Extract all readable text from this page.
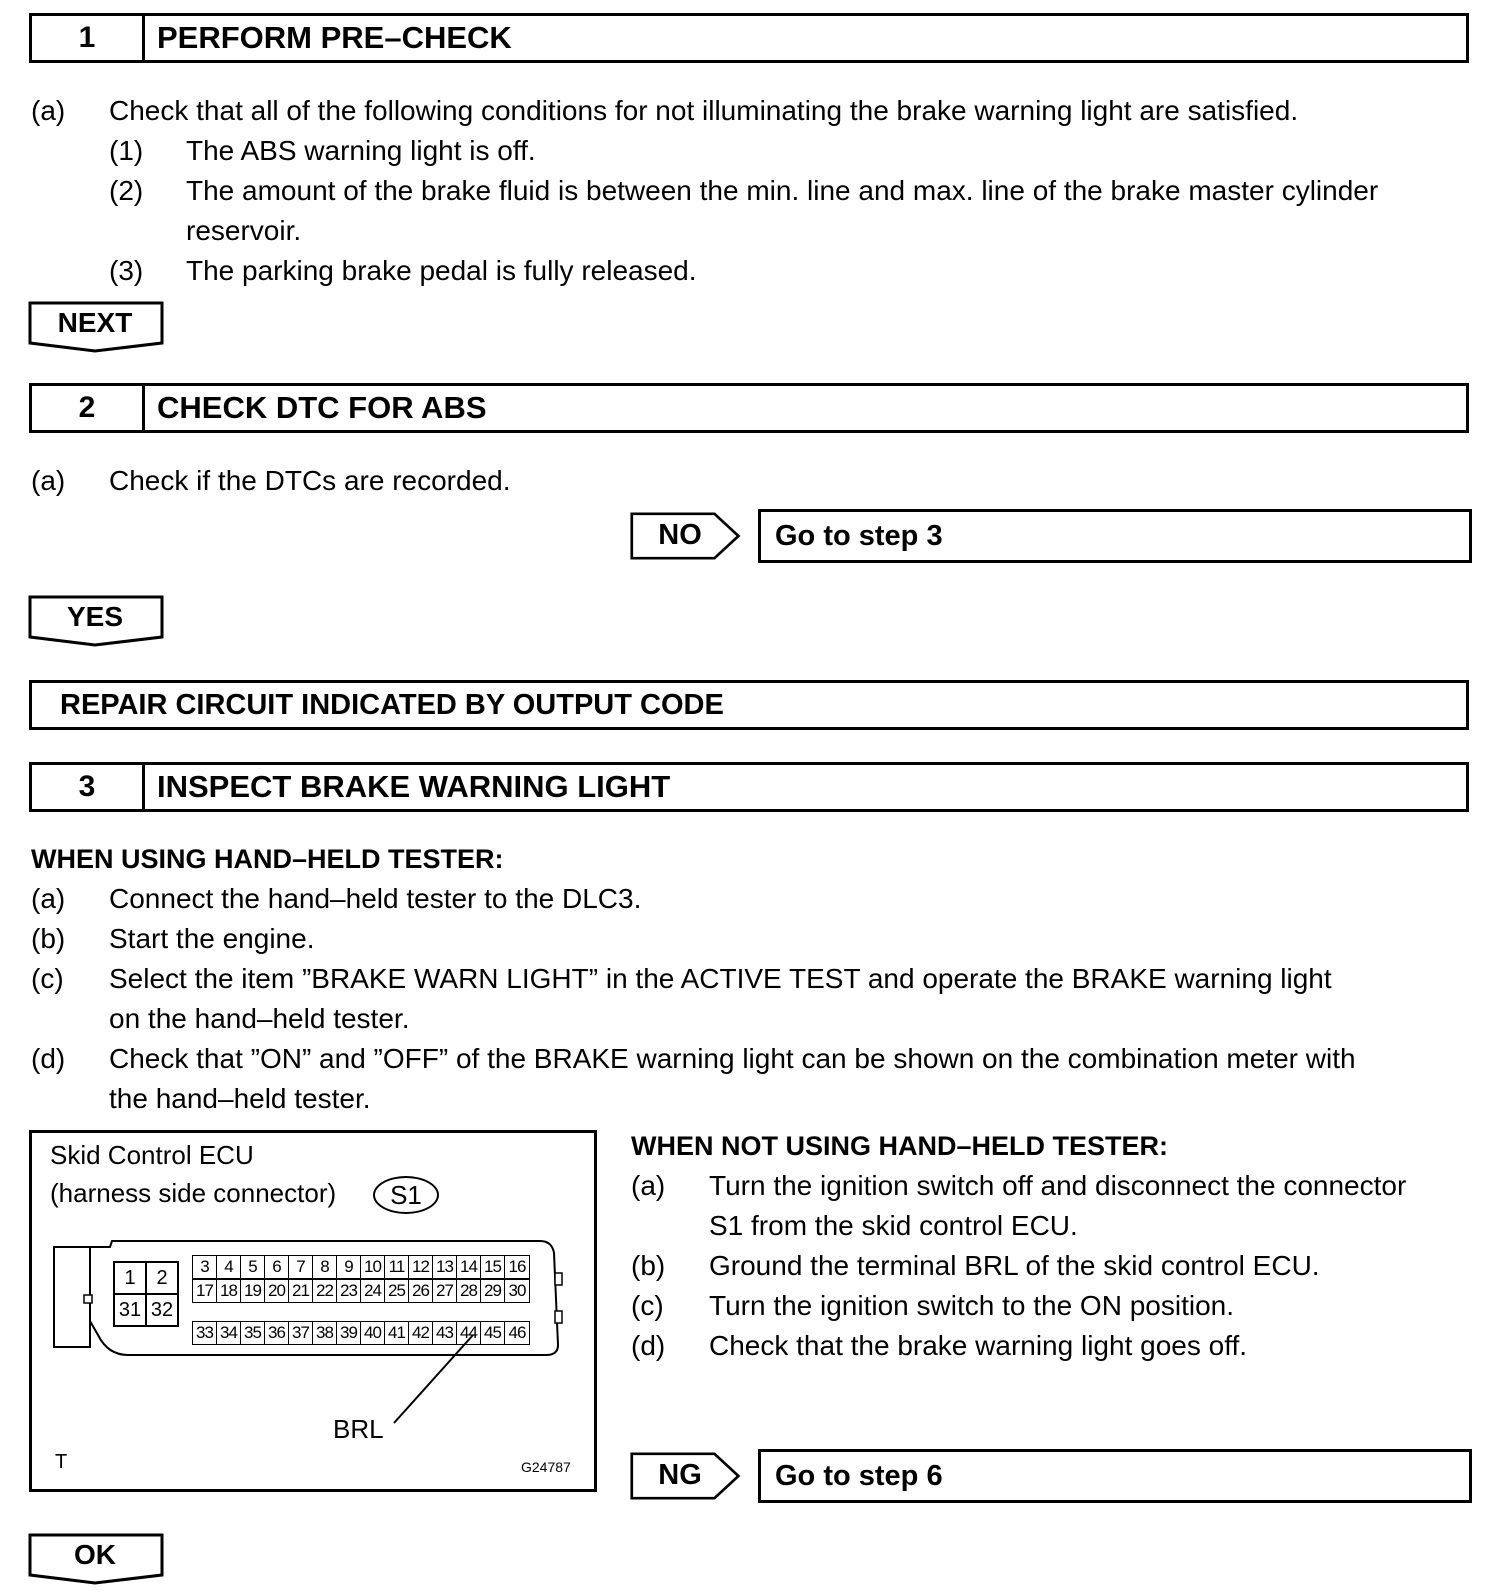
1	PERFORM PRE–CHECK
(a) Check that all of the following conditions for not illuminating the brake warning light are satisfied.
(1) The ABS warning light is off.
(2) The amount of the brake fluid is between the min. line and max. line of the brake master cylinder
reservoir.
(3) The parking brake pedal is fully released.
NEXT
2	CHECK DTC FOR ABS
(a) Check if the DTCs are recorded.
NO	Go to step 3
YES
REPAIR CIRCUIT INDICATED BY OUTPUT CODE
3	INSPECT BRAKE WARNING LIGHT
WHEN USING HAND–HELD TESTER:
(a) Connect the hand–held tester to the DLC3.
(b) Start the engine.
(c) Select the item ”BRAKE WARN LIGHT” in the ACTIVE TEST and operate the BRAKE warning light
on the hand–held tester.
(d) Check that ”ON” and ”OFF” of the BRAKE warning light can be shown on the combination meter with
the hand–held tester.
Skid Control ECU
(harness side connector)	S1
1	2
31 32
3 4 5 6 7 8 9 10 11 12 13 14 15 16
17 18 19 20 21 22 23 24 25 26 27 28 29 30
33 34 35 36 37 38 39 40 41 42 43 44 45 46
BRL
T	G24787
WHEN NOT USING HAND–HELD TESTER:
(a) Turn the ignition switch off and disconnect the connector
S1 from the skid control ECU.
(b) Ground the terminal BRL of the skid control ECU.
(c) Turn the ignition switch to the ON position.
(d) Check that the brake warning light goes off.
NG	Go to step 6
OK
